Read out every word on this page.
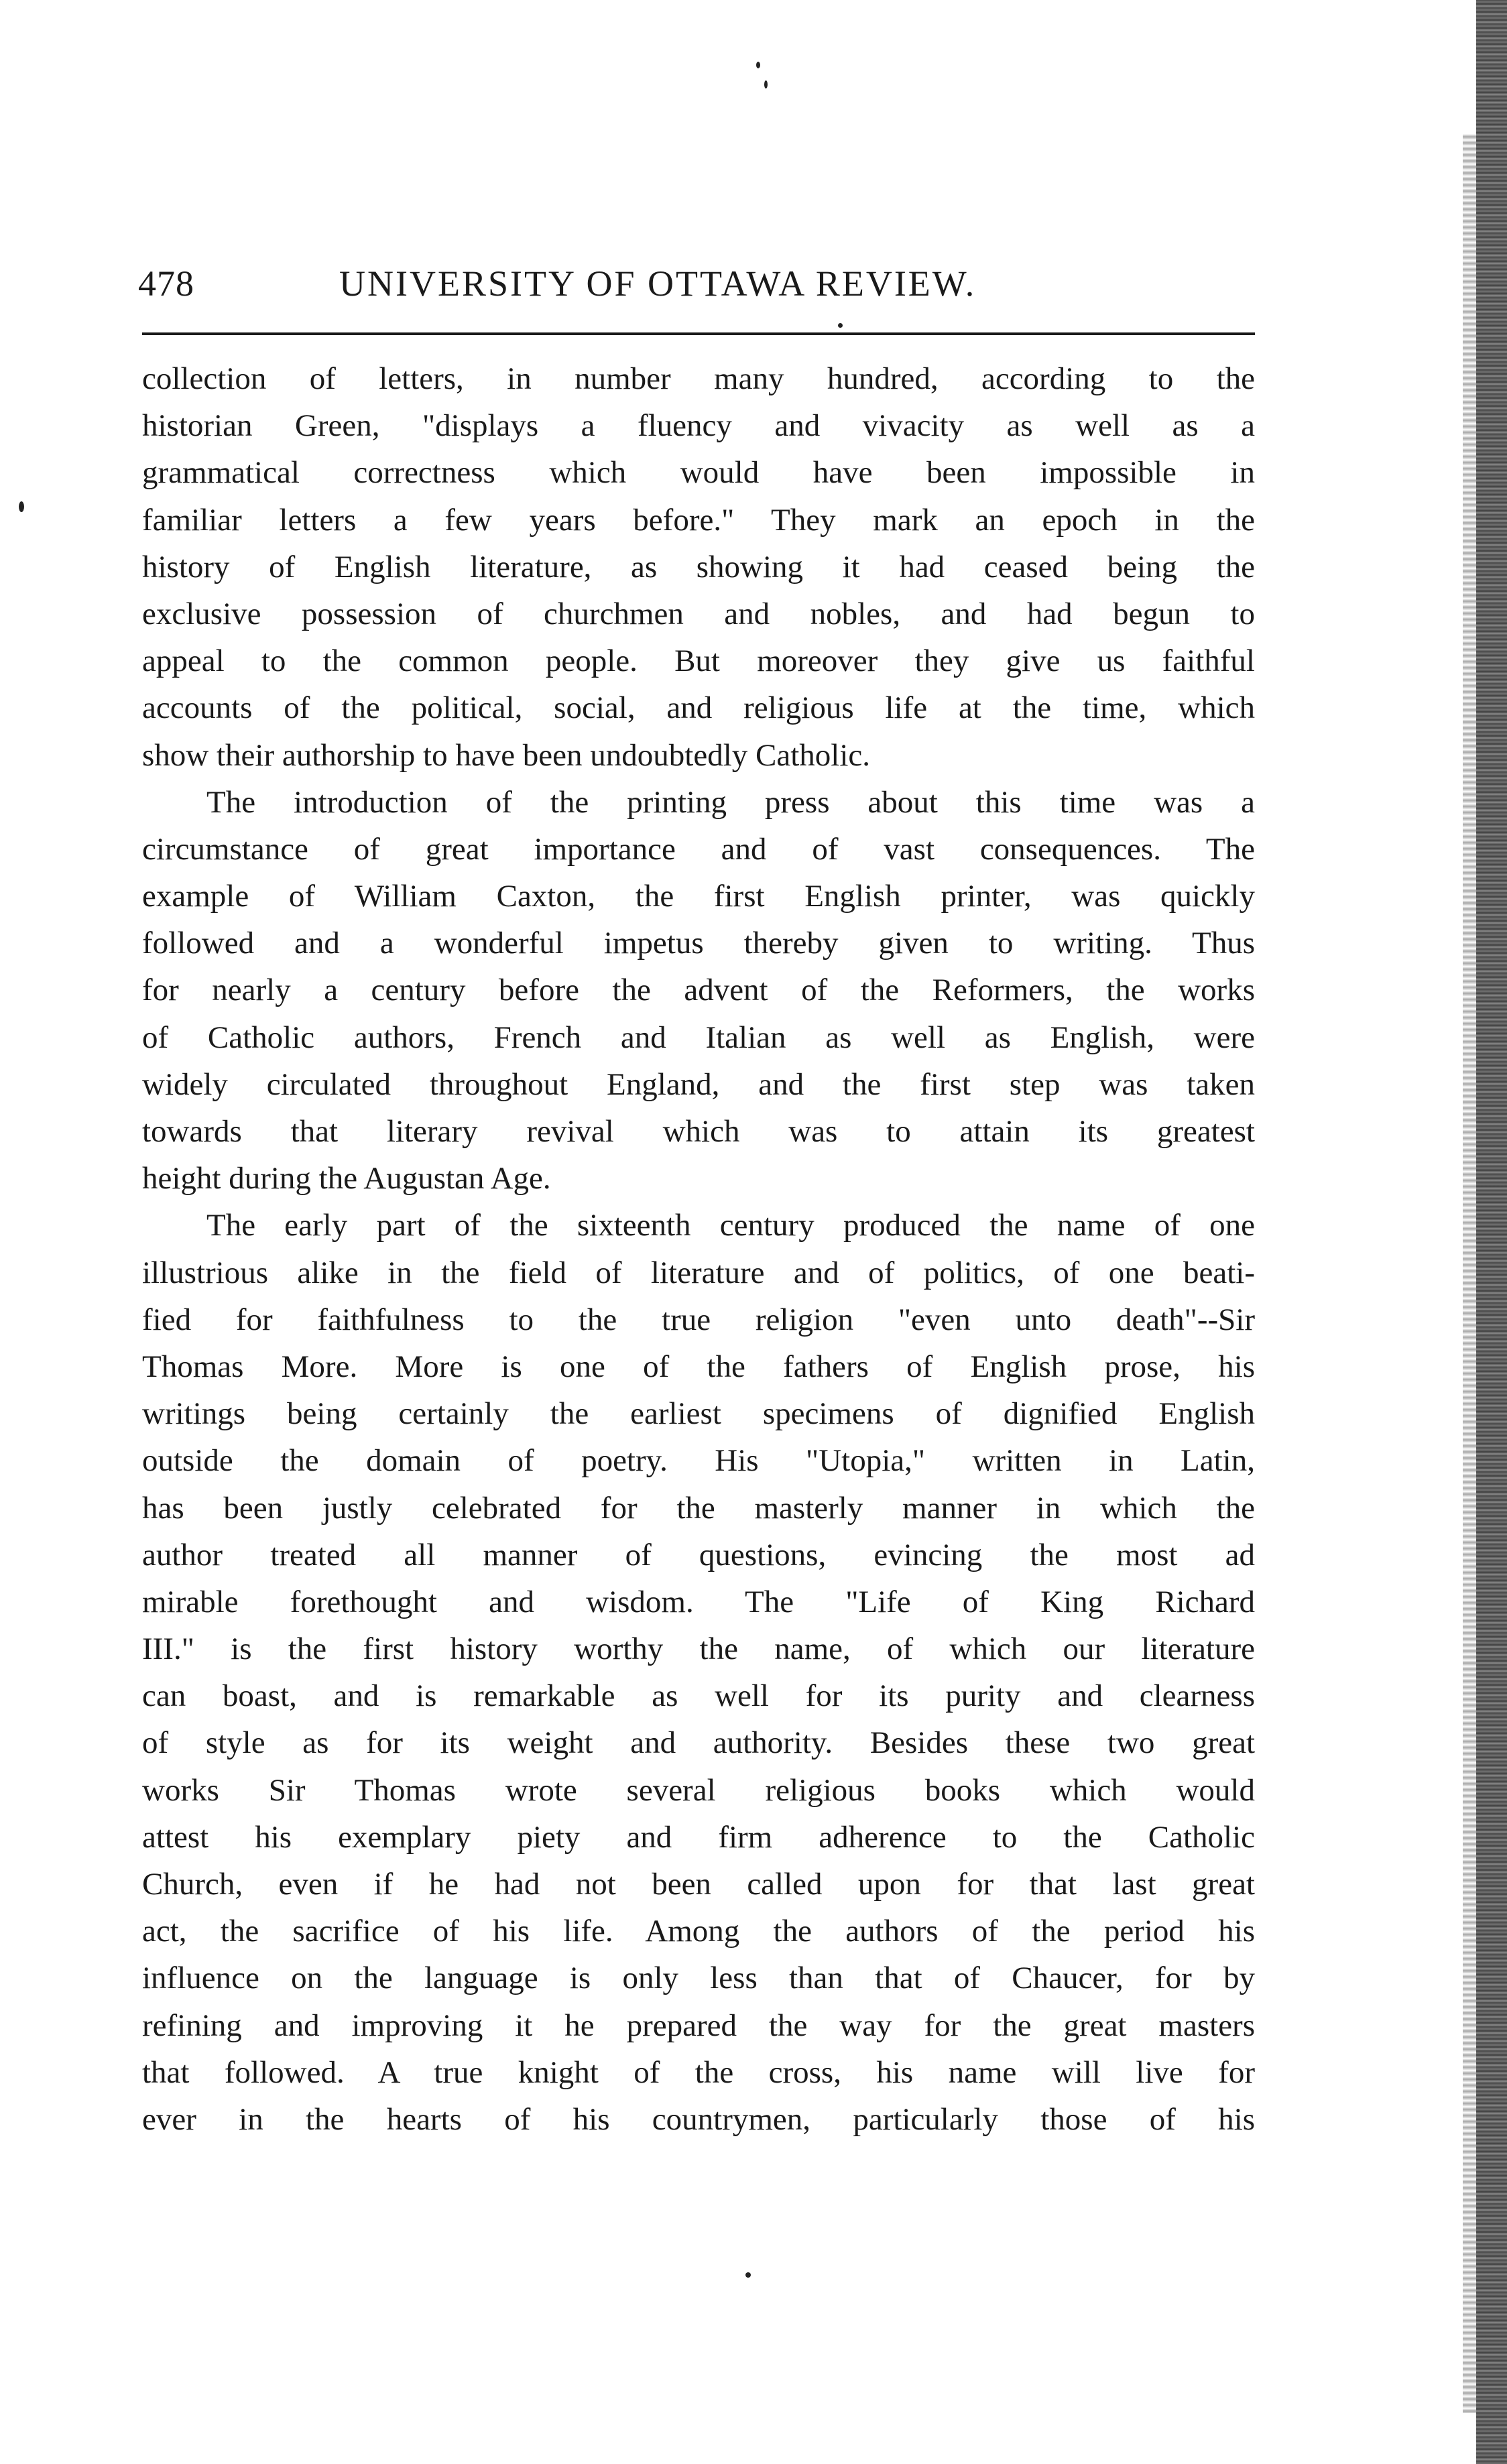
478	UNIVERSITY OF OTTAWA REVIEW.
collection of letters, in number many hundred, according to the
historian Green, "displays a fluency and vivacity as well as a
grammatical correctness which would have been impossible in
familiar letters a few years before." They mark an epoch in the
history of English literature, as showing it had ceased being the
exclusive possession of churchmen and nobles, and had begun to
appeal to the common people. But moreover they give us faithful
accounts of the political, social, and religious life at the time, which
show their authorship to have been undoubtedly Catholic.
The introduction of the printing press about this time was a
circumstance of great importance and of vast consequences. The
example of William Caxton, the first English printer, was quickly
followed and a wonderful impetus thereby given to writing. Thus
for nearly a century before the advent of the Reformers, the works
of Catholic authors, French and Italian as well as English, were
widely circulated throughout England, and the first step was taken
towards that literary revival which was to attain its greatest
height during the Augustan Age.
The early part of the sixteenth century produced the name of one
illustrious alike in the field of literature and of politics, of one beati-
fied for faithfulness to the true religion "even unto death"--Sir
Thomas More. More is one of the fathers of English prose, his
writings being certainly the earliest specimens of dignified English
outside the domain of poetry. His "Utopia," written in Latin,
has been justly celebrated for the masterly manner in which the
author treated all manner of questions, evincing the most ad
mirable forethought and wisdom. The "Life of King Richard
III." is the first history worthy the name, of which our literature
can boast, and is remarkable as well for its purity and clearness
of style as for its weight and authority. Besides these two great
works Sir Thomas wrote several religious books which would
attest his exemplary piety and firm adherence to the Catholic
Church, even if he had not been called upon for that last great
act, the sacrifice of his life. Among the authors of the period his
influence on the language is only less than that of Chaucer, for by
refining and improving it he prepared the way for the great masters
that followed. A true knight of the cross, his name will live for
ever in the hearts of his countrymen, particularly those of his
